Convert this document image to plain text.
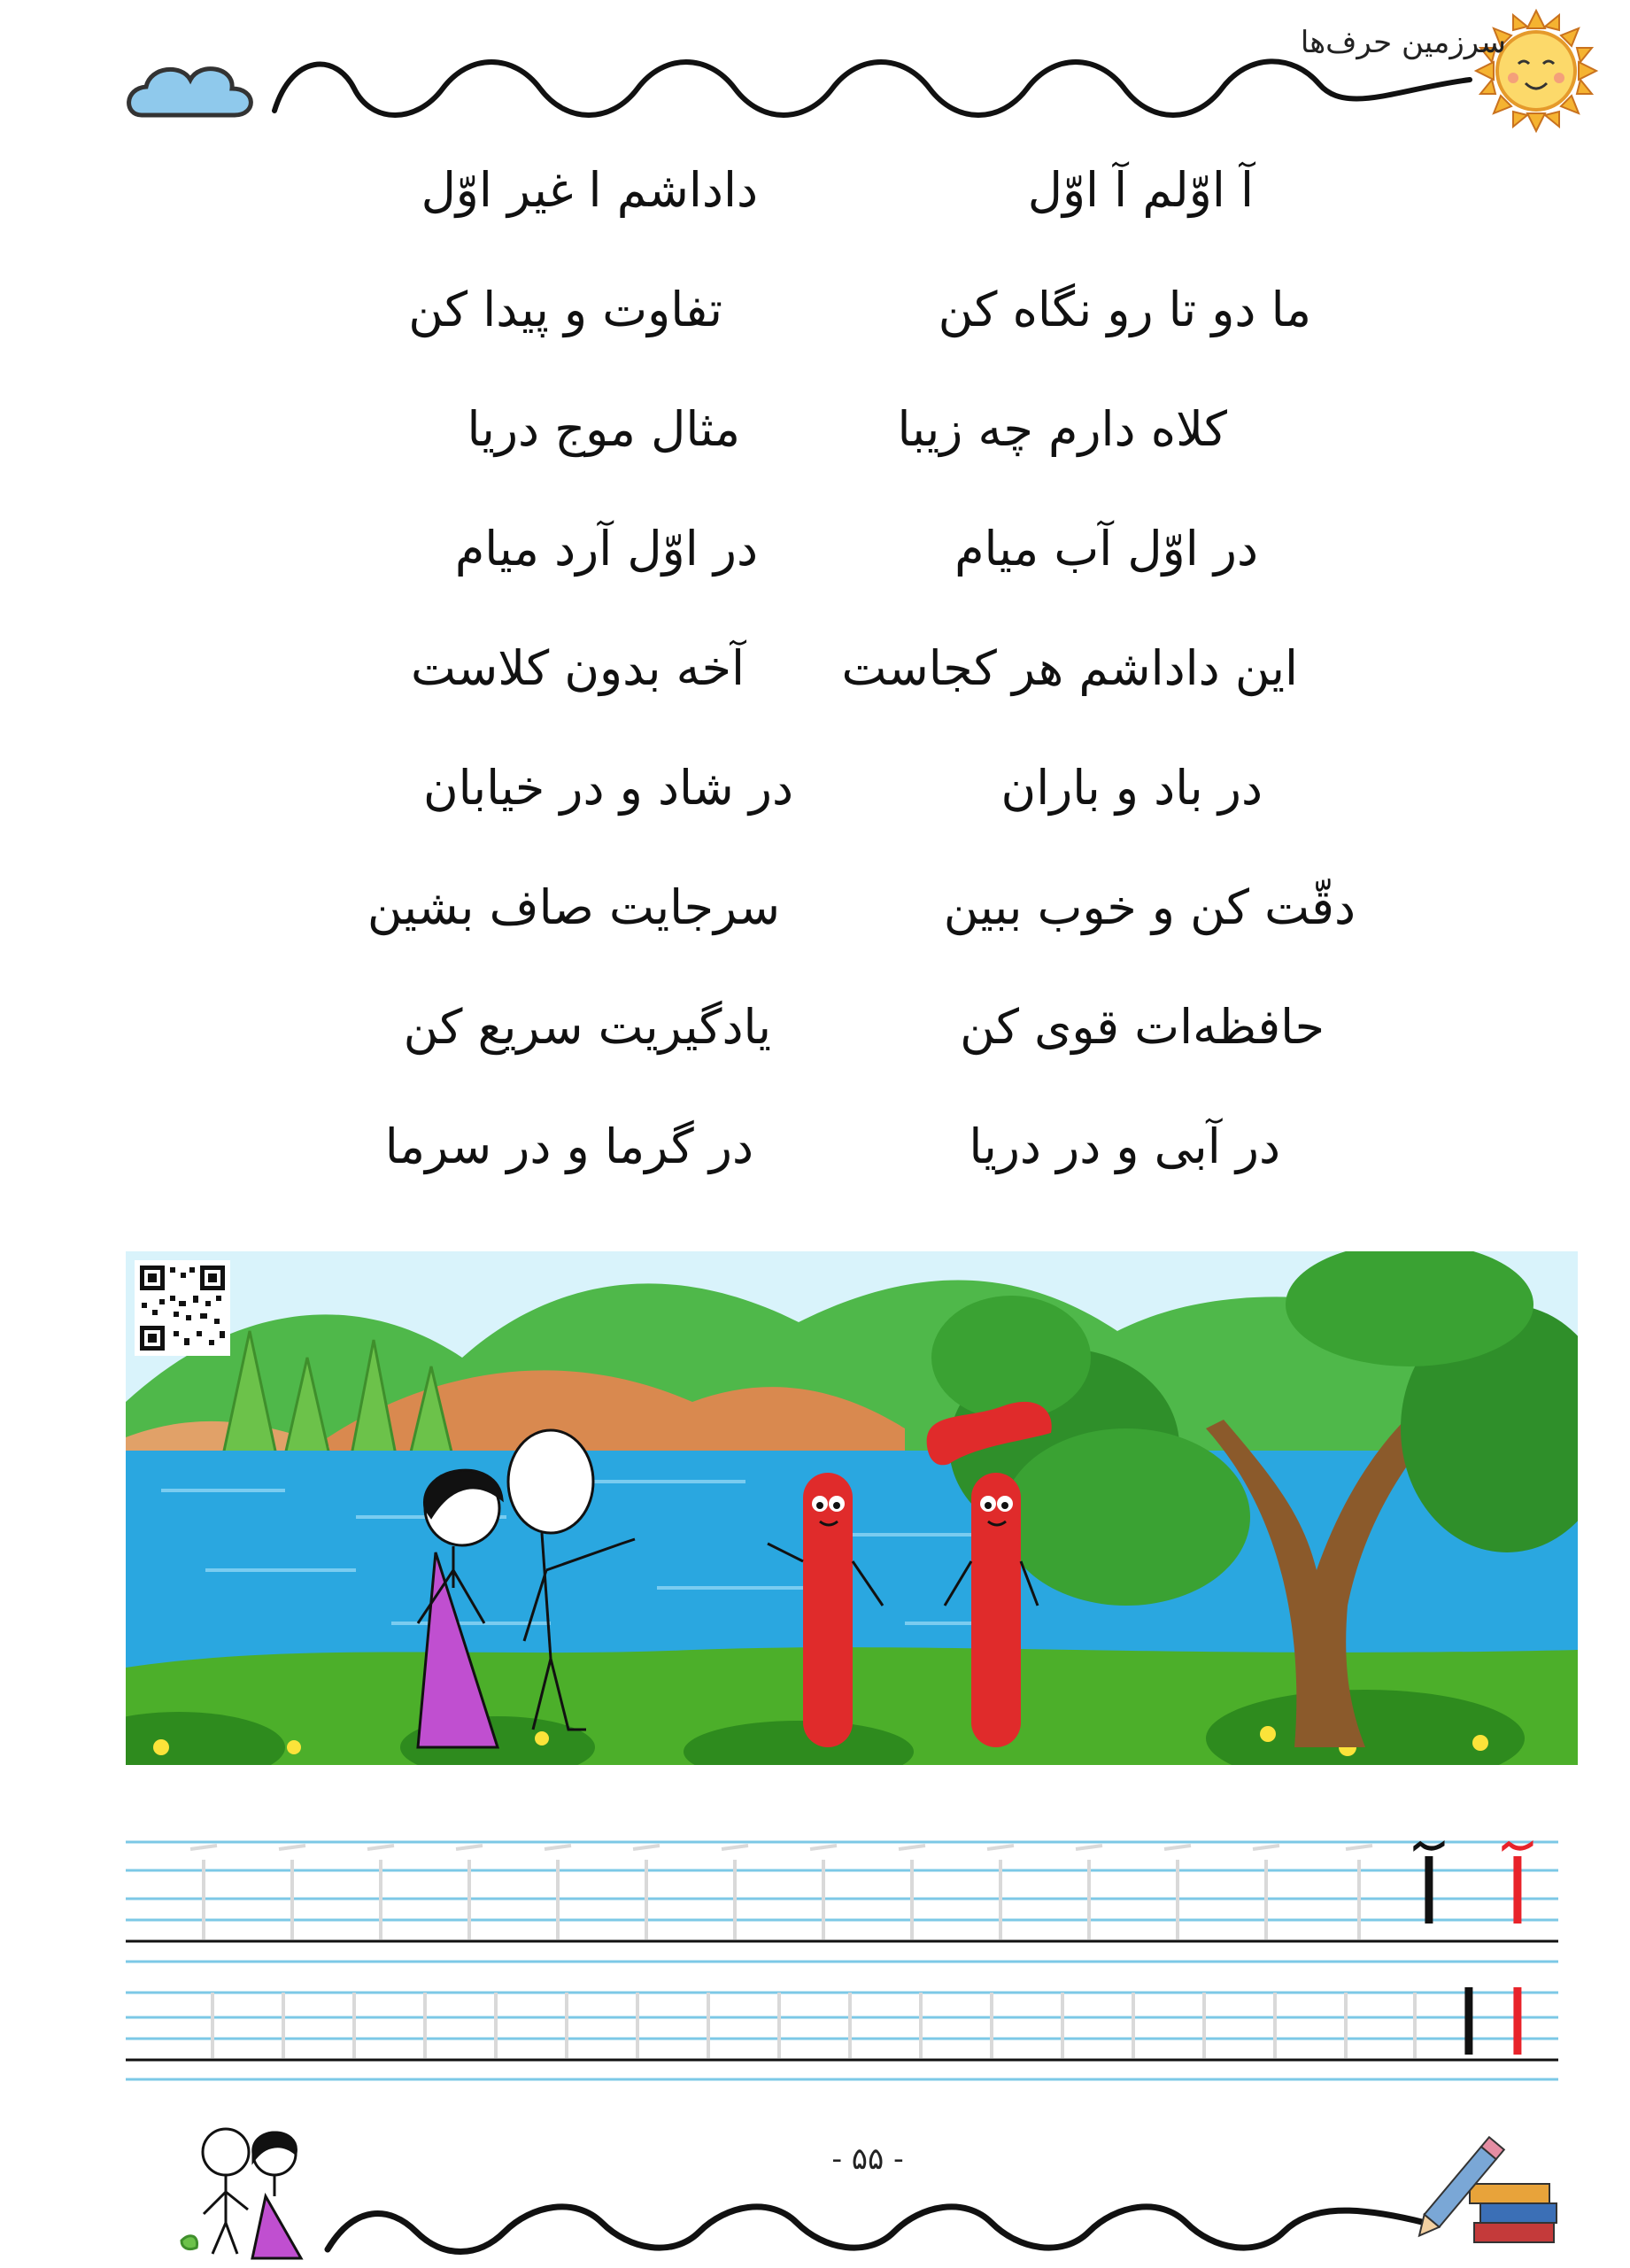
سرزمین حرف‌ها
آ اوّلم آ اوّل
داداشم ا غیر اوّل
ما دو تا رو نگاه کن
تفاوت و پیدا کن
کلاه دارم چه زیبا
مثال موج دریا
در اوّل آب میام
در اوّل آرد میام
این داداشم هر کجاست
آخه بدون کلاست
در باد و باران
در شاد و در خیابان
دقّت کن و خوب ببین
سرجایت صاف بشین
حافظه‌ات قوی کن
یادگیریت سریع کن
در آبی و در دریا
در گرما و در سرما
آ
آ
ا
ا
- ۵۵ -
